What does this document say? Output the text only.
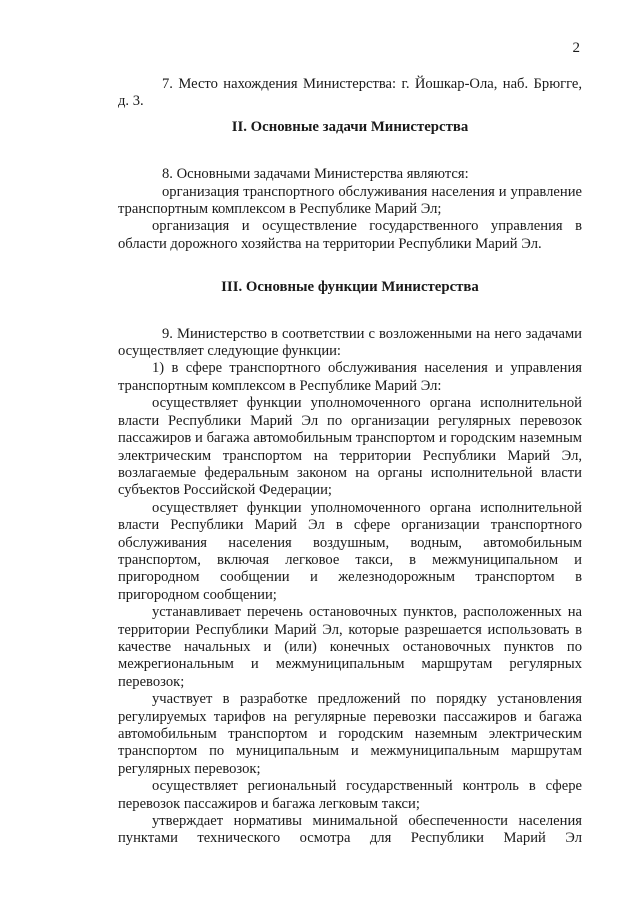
2

7. Место нахождения Министерства: г. Йошкар-Ола, наб. Брюгге, д. 3.

II. Основные задачи Министерства

8. Основными задачами Министерства являются:

организация транспортного обслуживания населения и управление транспортным комплексом в Республике Марий Эл;

организация и осуществление государственного управления в области дорожного хозяйства на территории Республики Марий Эл.

III. Основные функции Министерства

9. Министерство в соответствии с возложенными на него задачами осуществляет следующие функции:

1) в сфере транспортного обслуживания населения и управления транспортным комплексом в Республике Марий Эл:

осуществляет функции уполномоченного органа исполнительной власти Республики Марий Эл по организации регулярных перевозок пассажиров и багажа автомобильным транспортом и городским наземным электрическим транспортом на территории Республики Марий Эл, возлагаемые федеральным законом на органы исполнительной власти субъектов Российской Федерации;

осуществляет функции уполномоченного органа исполнительной власти Республики Марий Эл в сфере организации транспортного обслуживания населения воздушным, водным, автомобильным транспортом, включая легковое такси, в межмуниципальном и пригородном сообщении и железнодорожным транспортом в пригородном сообщении;

устанавливает перечень остановочных пунктов, расположенных на территории Республики Марий Эл, которые разрешается использовать в качестве начальных и (или) конечных остановочных пунктов по межрегиональным и межмуниципальным маршрутам регулярных перевозок;

участвует в разработке предложений по порядку установления регулируемых тарифов на регулярные перевозки пассажиров и багажа автомобильным транспортом и городским наземным электрическим транспортом по муниципальным и межмуниципальным маршрутам регулярных перевозок;

осуществляет региональный государственный контроль в сфере перевозок пассажиров и багажа легковым такси;

утверждает нормативы минимальной обеспеченности населения пунктами технического осмотра для Республики Марий Эл
